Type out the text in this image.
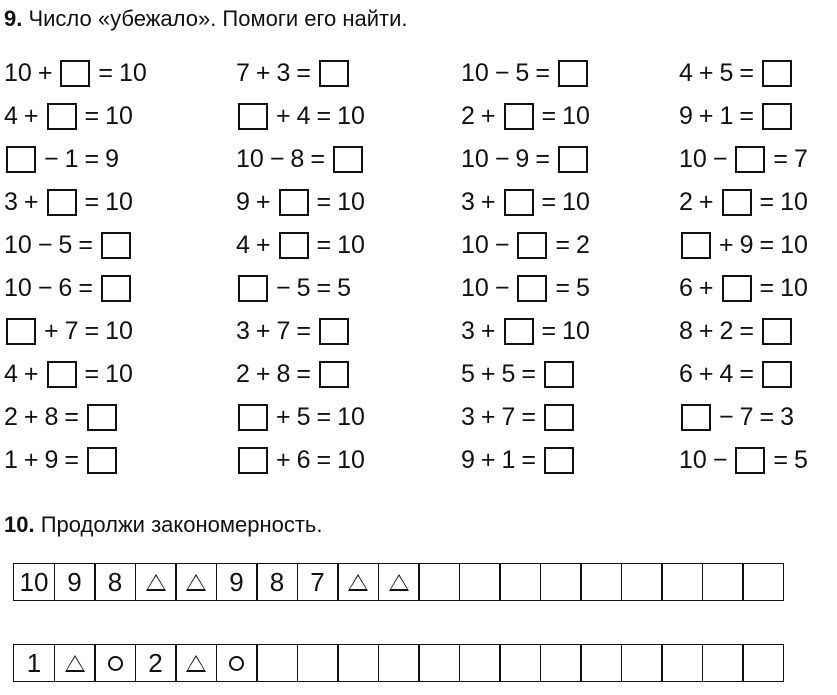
9. Число «убежало». Помоги его найти.
10 + = 10
4 + = 10
− 1 = 9
3 + = 10
10 − 5 =
10 − 6 =
+ 7 = 10
4 + = 10
2 + 8 =
1 + 9 =
7 + 3 =
+ 4 = 10
10 − 8 =
9 + = 10
4 + = 10
− 5 = 5
3 + 7 =
2 + 8 =
+ 5 = 10
+ 6 = 10
10 − 5 =
2 + = 10
10 − 9 =
3 + = 10
10 − = 2
10 − = 5
3 + = 10
5 + 5 =
3 + 7 =
9 + 1 =
4 + 5 =
9 + 1 =
10 − = 7
2 + = 10
+ 9 = 10
6 + = 10
8 + 2 =
6 + 4 =
− 7 = 3
10 − = 5
10. Продолжи закономерность.
10 9 8	9 8 7
1	2
